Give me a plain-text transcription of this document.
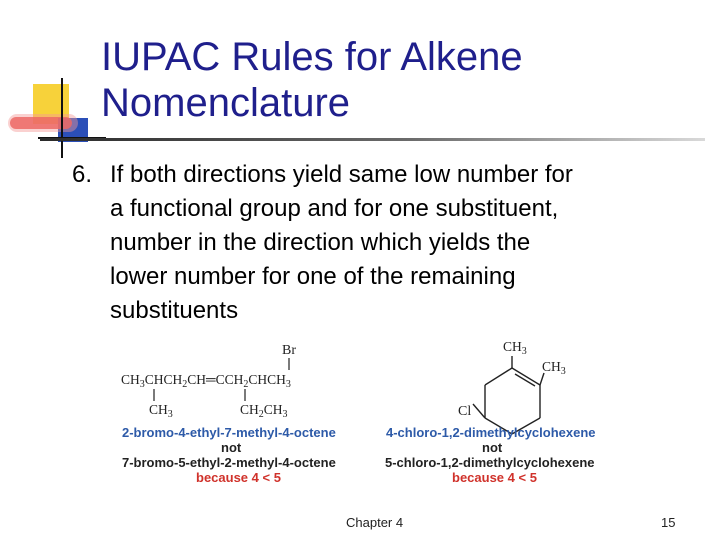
IUPAC Rules for Alkene
Nomenclature
6. If both directions yield same low number for
a functional group and for one substituent,
number in the direction which yields the
lower number for one of the remaining
substituents
Br
$CH_3CHCH_2CH═CCH_2CHCH_3$
$CH_3$	$CH_2CH_3$
2-bromo-4-ethyl-7-methyl-4-octene
not
7-bromo-5-ethyl-2-methyl-4-octene
because 4 < 5
$CH_3$
$CH_3$
Cl
4-chloro-1,2-dimethylcyclohexene
not
5-chloro-1,2-dimethylcyclohexene
because 4 < 5
Chapter 4	15
